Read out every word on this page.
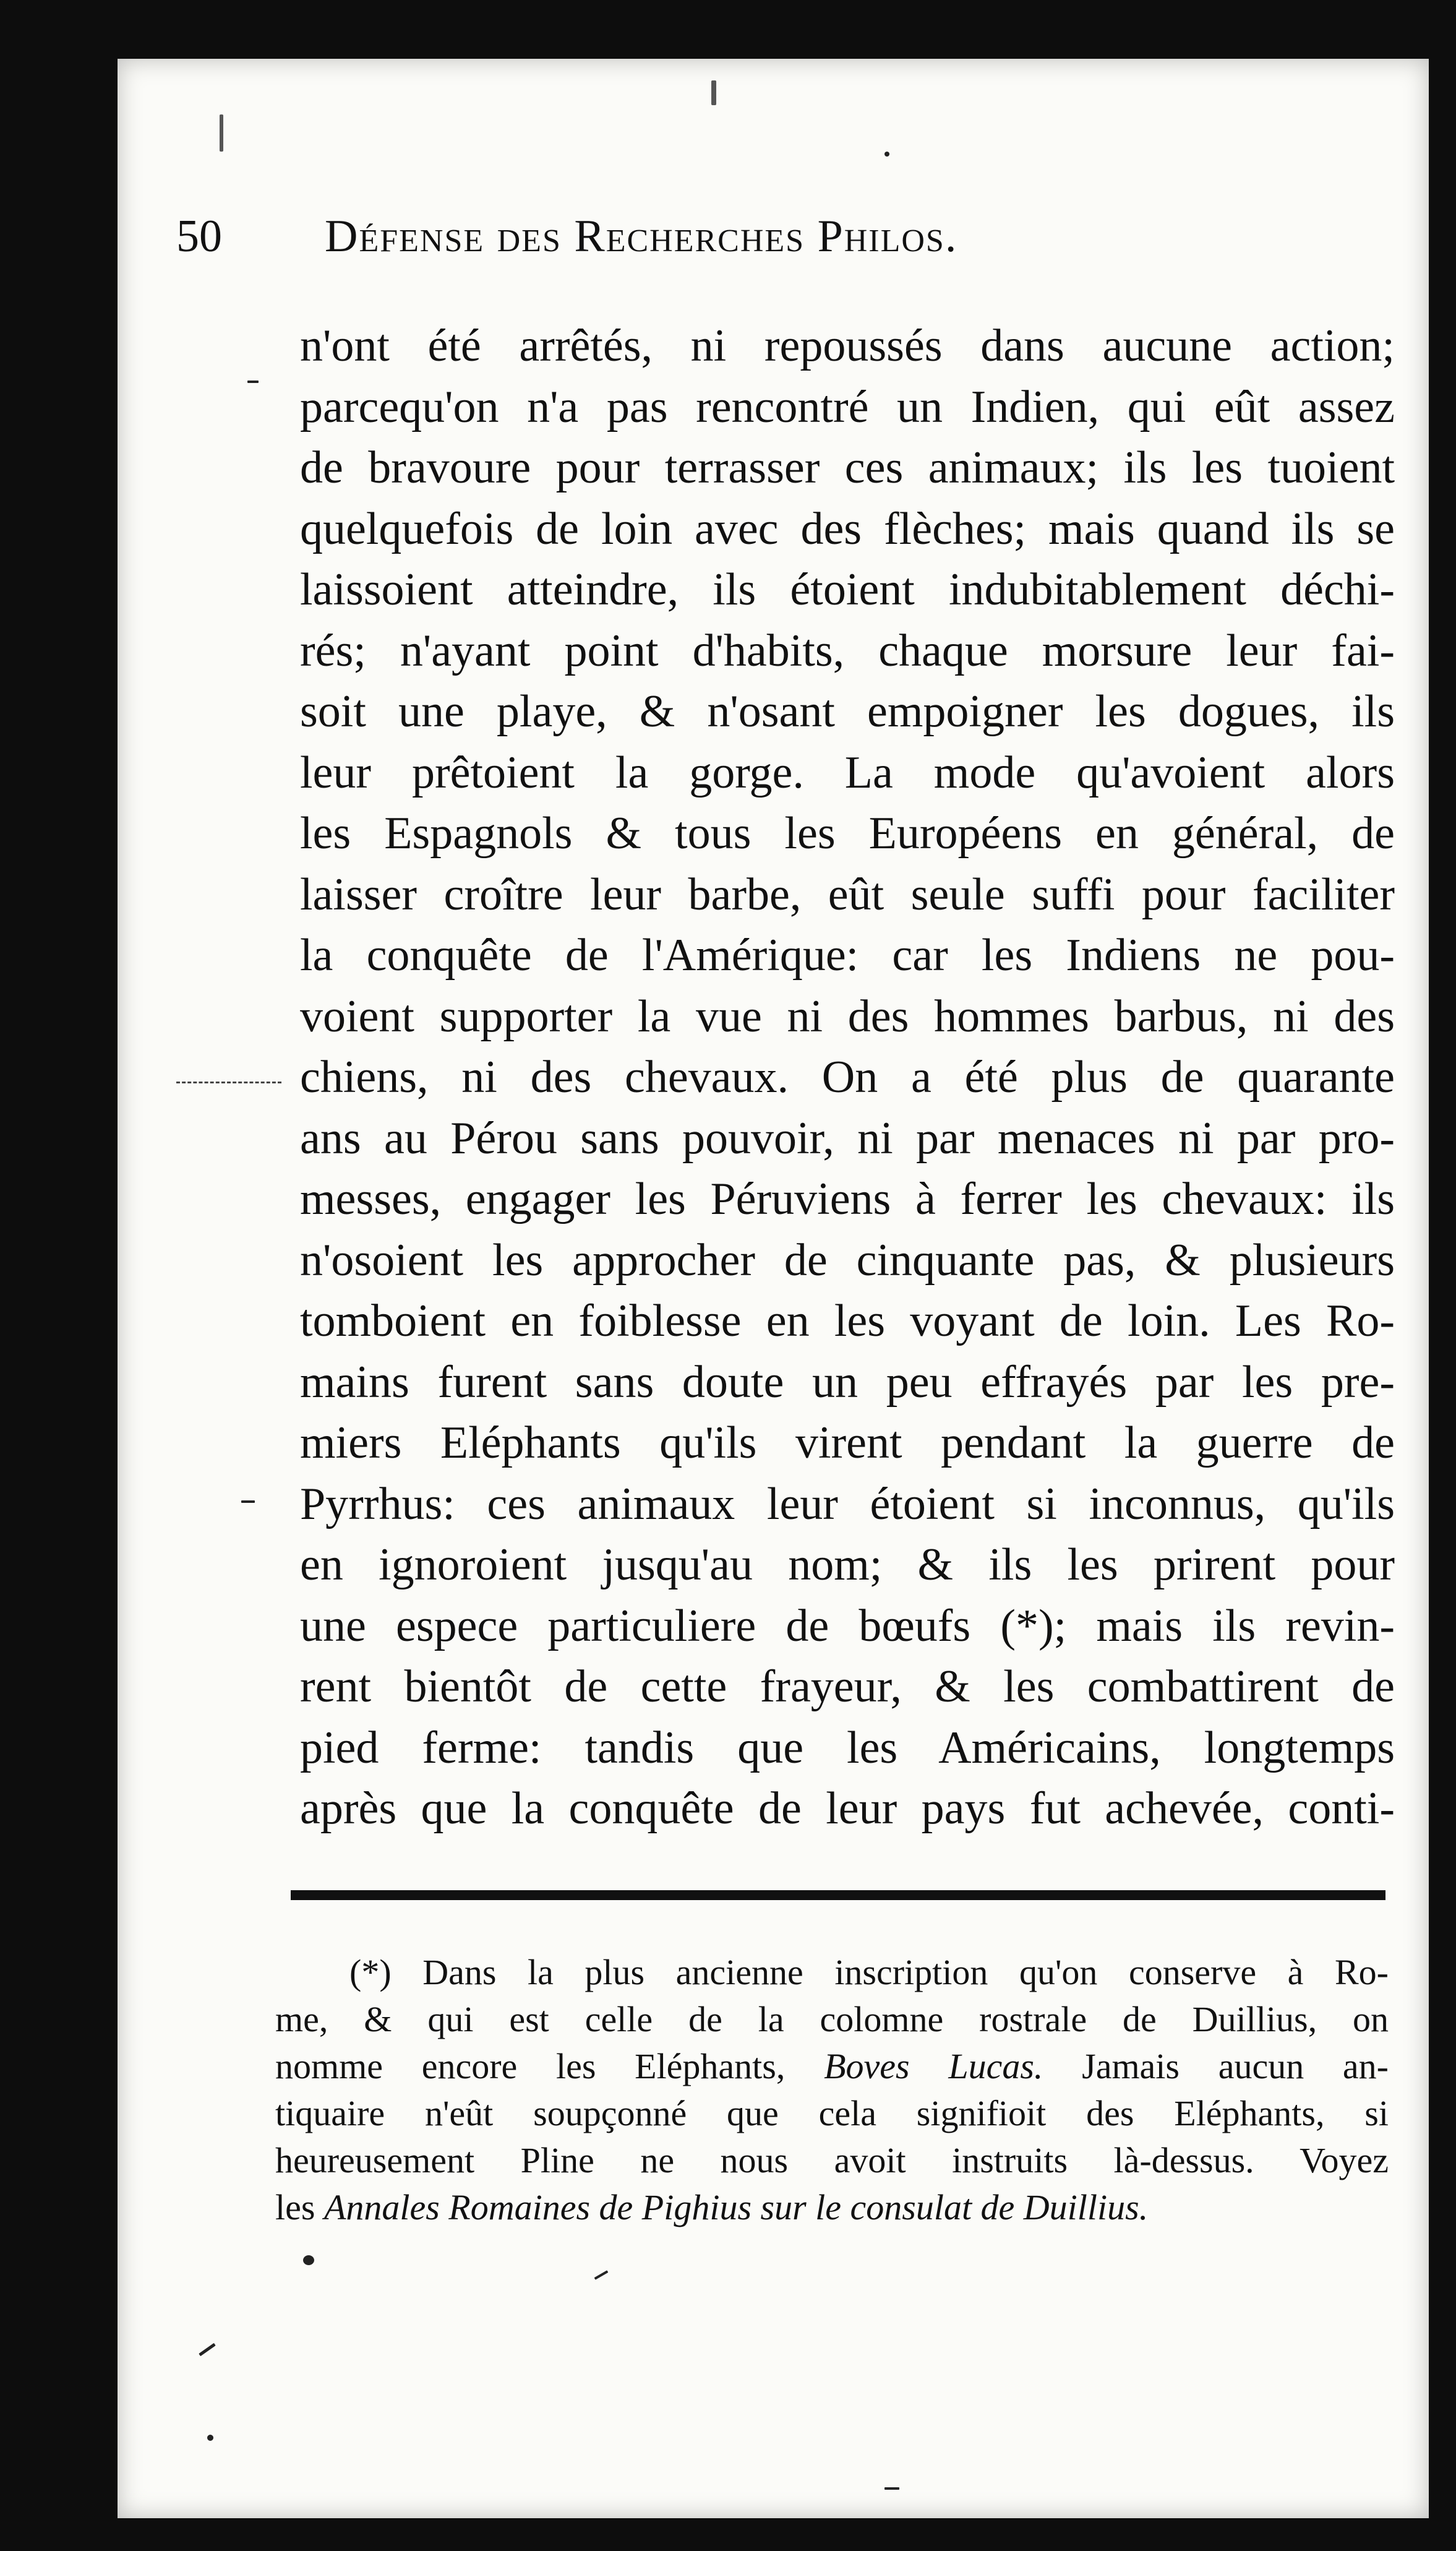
50 Défense des Recherches Philos.
n'ont été arrêtés, ni repoussés dans aucune action;
parcequ'on n'a pas rencontré un Indien, qui eût assez
de bravoure pour terrasser ces animaux; ils les tuoient
quelquefois de loin avec des flèches; mais quand ils se
laissoient atteindre, ils étoient indubitablement déchi-
rés; n'ayant point d'habits, chaque morsure leur fai-
soit une playe, & n'osant empoigner les dogues, ils
leur prêtoient la gorge. La mode qu'avoient alors
les Espagnols & tous les Européens en général, de
laisser croître leur barbe, eût seule suffi pour faciliter
la conquête de l'Amérique: car les Indiens ne pou-
voient supporter la vue ni des hommes barbus, ni des
chiens, ni des chevaux. On a été plus de quarante
ans au Pérou sans pouvoir, ni par menaces ni par pro-
messes, engager les Péruviens à ferrer les chevaux: ils
n'osoient les approcher de cinquante pas, & plusieurs
tomboient en foiblesse en les voyant de loin. Les Ro-
mains furent sans doute un peu effrayés par les pre-
miers Eléphants qu'ils virent pendant la guerre de
Pyrrhus: ces animaux leur étoient si inconnus, qu'ils
en ignoroient jusqu'au nom; & ils les prirent pour
une espece particuliere de bœufs (*); mais ils revin-
rent bientôt de cette frayeur, & les combattirent de
pied ferme: tandis que les Américains, longtemps
après que la conquête de leur pays fut achevée, conti-
(*) Dans la plus ancienne inscription qu'on conserve à Ro-
me, & qui est celle de la colomne rostrale de Duillius, on
nomme encore les Eléphants, Boves Lucas. Jamais aucun an-
tiquaire n'eût soupçonné que cela signifioit des Eléphants, si
heureusement Pline ne nous avoit instruits là-dessus. Voyez
les Annales Romaines de Pighius sur le consulat de Duillius.
